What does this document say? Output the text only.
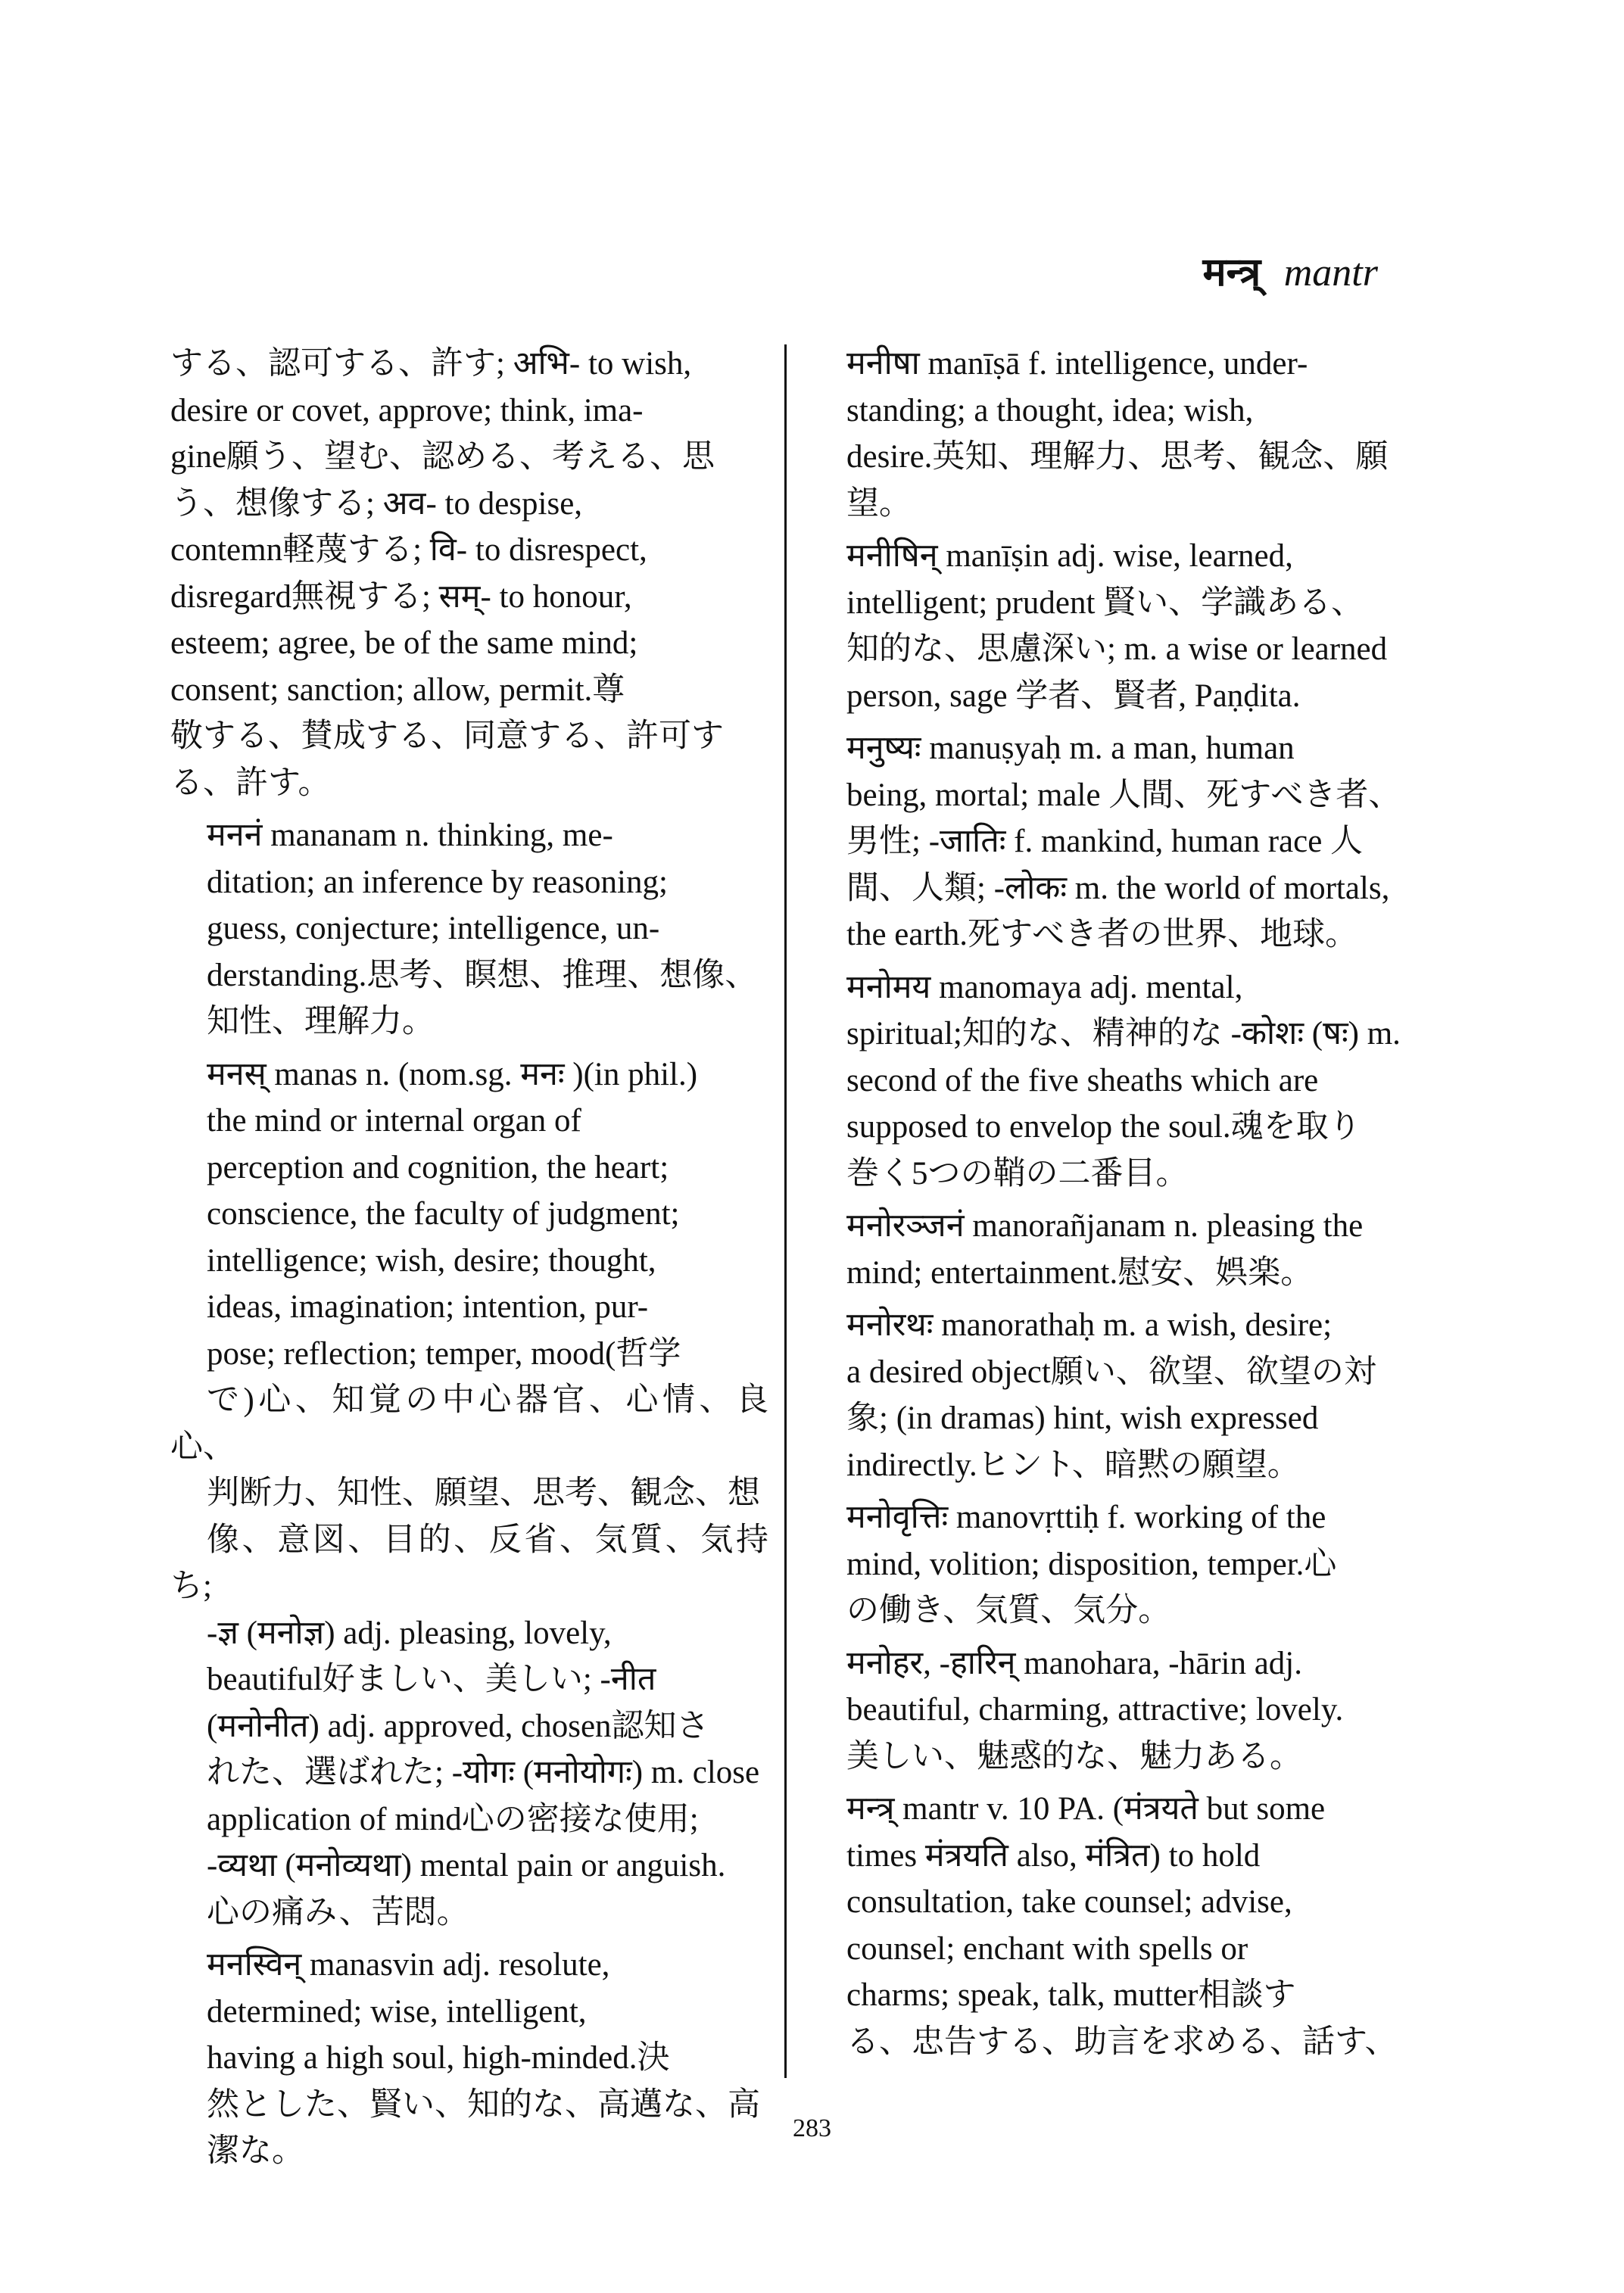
मन्त्र् mantr

する、認可する、許す; अभि- to wish,
desire or covet, approve; think, ima-
gine願う、望む、認める、考える、思
う、想像する; अव- to despise,
contemn軽蔑する; वि- to disrespect,
disregard無視する; सम्- to honour,
esteem; agree, be of the same mind;
consent; sanction; allow, permit.尊
敬する、賛成する、同意する、許可す
る、許す。

मननं mananam n. thinking, me-
ditation; an inference by reasoning;
guess, conjecture; intelligence, un-
derstanding.思考、瞑想、推理、想像、
知性、理解力。

मनस् manas n. (nom.sg. मनः )(in phil.)
the mind or internal organ of
perception and cognition, the heart;
conscience, the faculty of judgment;
intelligence; wish, desire; thought,
ideas, imagination; intention, pur-
pose; reflection; temper, mood(哲学
で)心、知覚の中心器官、心情、良心、
判断力、知性、願望、思考、観念、想
像、意図、目的、反省、気質、気持ち;
-ज्ञ (मनोज्ञ) adj. pleasing, lovely,
beautiful好ましい、美しい; -नीत
(मनोनीत) adj. approved, chosen認知さ
れた、選ばれた; -योगः (मनोयोगः) m. close
application of mind心の密接な使用;
-व्यथा (मनोव्यथा) mental pain or anguish.
心の痛み、苦悶。

मनस्विन् manasvin adj. resolute,
determined; wise, intelligent,
having a high soul, high-minded.決
然とした、賢い、知的な、高邁な、高
潔な。

मनीषा manīṣā f. intelligence, under-
standing; a thought, idea; wish,
desire.英知、理解力、思考、観念、願
望。

मनीषिन् manīṣin adj. wise, learned,
intelligent; prudent 賢い、学識ある、
知的な、思慮深い; m. a wise or learned
person, sage 学者、賢者, Paṇḍita.

मनुष्यः manuṣyaḥ m. a man, human
being, mortal; male 人間、死すべき者、
男性; -जातिः f. mankind, human race 人
間、人類; -लोकः m. the world of mortals,
the earth.死すべき者の世界、地球。

मनोमय manomaya adj. mental,
spiritual;知的な、精神的な -कोशः (षः) m.
second of the five sheaths which are
supposed to envelop the soul.魂を取り
巻く5つの鞘の二番目。

मनोरञ्जनं manorañjanam n. pleasing the
mind; entertainment.慰安、娯楽。

मनोरथः manorathaḥ m. a wish, desire;
a desired object願い、欲望、欲望の対
象; (in dramas) hint, wish expressed
indirectly.ヒント、暗黙の願望。

मनोवृत्तिः manovṛttiḥ f. working of the
mind, volition; disposition, temper.心
の働き、気質、気分。

मनोहर, -हारिन् manohara, -hārin adj.
beautiful, charming, attractive; lovely.
美しい、魅惑的な、魅力ある。

मन्त्र् mantr v. 10 PA. (मंत्रयते but some
times मंत्रयति also, मंत्रित) to hold
consultation, take counsel; advise,
counsel; enchant with spells or
charms; speak, talk, mutter相談す
る、忠告する、助言を求める、話す、

283
